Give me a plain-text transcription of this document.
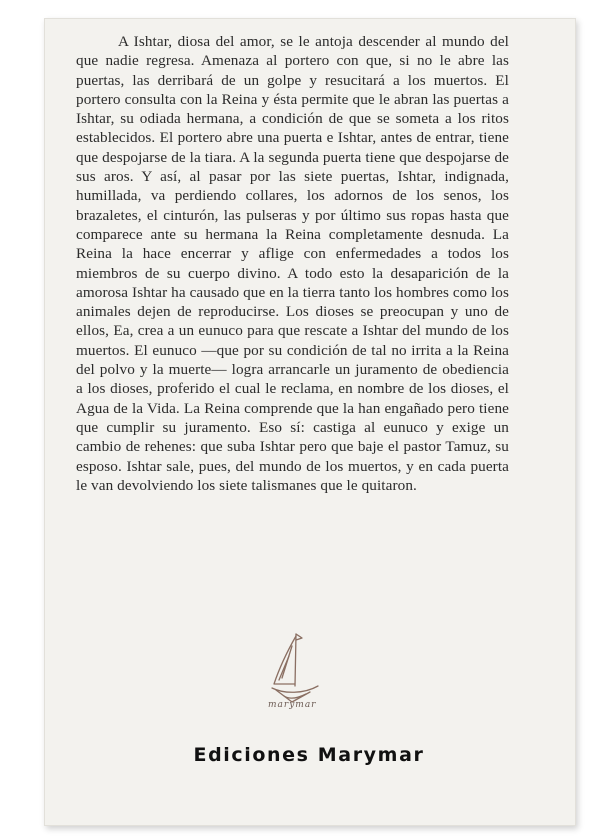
A Ishtar, diosa del amor, se le antoja descender al mundo del que nadie regresa. Amenaza al portero con que, si no le abre las puertas, las derribará de un golpe y resucitará a los muertos. El portero consulta con la Reina y ésta permite que le abran las puertas a Ishtar, su odiada hermana, a condición de que se someta a los ritos establecidos. El portero abre una puerta e Ishtar, antes de entrar, tiene que despojarse de la tiara. A la segunda puerta tiene que despojarse de sus aros. Y así, al pasar por las siete puertas, Ishtar, indignada, humillada, va perdiendo collares, los adornos de los senos, los brazaletes, el cinturón, las pulseras y por último sus ropas hasta que comparece ante su hermana la Reina completamente desnuda. La Reina la hace encerrar y aflige con enfermedades a todos los miembros de su cuerpo divino. A todo esto la desaparición de la amorosa Ishtar ha causado que en la tierra tanto los hombres como los animales dejen de reproducirse. Los dioses se preocupan y uno de ellos, Ea, crea a un eunuco para que rescate a Ishtar del mundo de los muertos. El eunuco —que por su condición de tal no irrita a la Reina del polvo y la muerte— logra arrancarle un juramento de obediencia a los dioses, proferido el cual le reclama, en nombre de los dioses, el Agua de la Vida. La Reina comprende que la han engañado pero tiene que cumplir su juramento. Eso sí: castiga al eunuco y exige un cambio de rehenes: que suba Ishtar pero que baje el pastor Tamuz, su esposo. Ishtar sale, pues, del mundo de los muertos, y en cada puerta le van devolviendo los siete talismanes que le quitaron.

marymar
Ediciones Marymar
